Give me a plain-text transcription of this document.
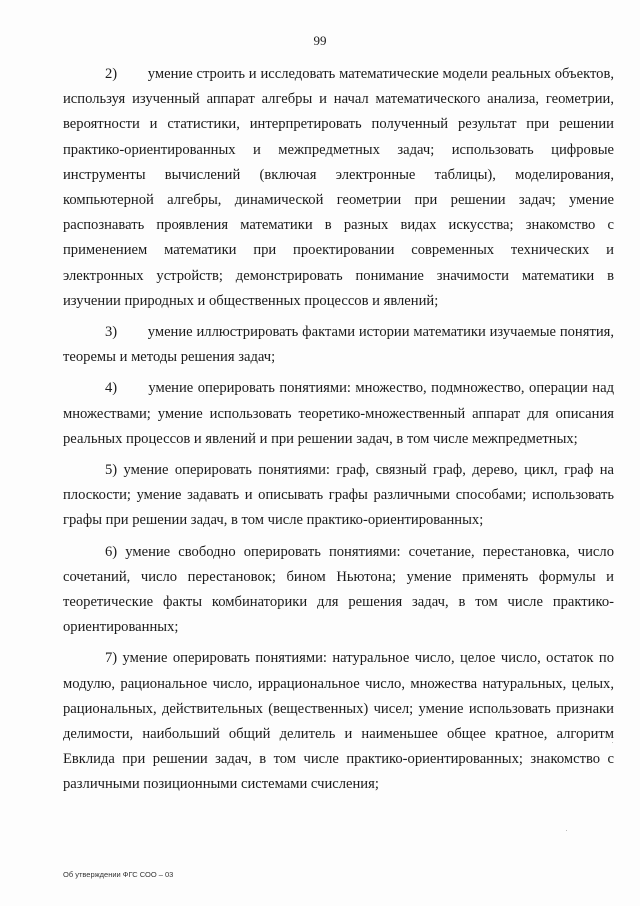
99

2)        умение строить и исследовать математические модели реальных объектов, используя изученный аппарат алгебры и начал математического анализа, геометрии, вероятности и статистики, интерпретировать полученный результат при решении практико-ориентированных и межпредметных задач; использовать цифровые инструменты вычислений (включая электронные таблицы), моделирования, компьютерной алгебры, динамической геометрии при решении задач; умение распознавать проявления математики в разных видах искусства; знакомство с применением математики при проектировании современных технических и электронных устройств; демонстрировать понимание значимости математики в изучении природных и общественных процессов и явлений;

3)        умение иллюстрировать фактами истории математики изучаемые понятия, теоремы и методы решения задач;

4)       умение оперировать понятиями: множество, подмножество, операции над множествами; умение использовать теоретико-множественный аппарат для описания реальных процессов и явлений и при решении задач, в том числе межпредметных;

5) умение оперировать понятиями: граф, связный граф, дерево, цикл, граф на плоскости; умение задавать и описывать графы различными способами; использовать графы при решении задач, в том числе практико-ориентированных;

6) умение свободно оперировать понятиями: сочетание, перестановка, число сочетаний, число перестановок; бином Ньютона; умение применять формулы и теоретические факты комбинаторики для решения задач, в том числе практико-ориентированных;

7) умение оперировать понятиями: натуральное число, целое число, остаток по модулю, рациональное число, иррациональное число, множества натуральных, целых, рациональных, действительных (вещественных) чисел; умение использовать признаки делимости, наибольший общий делитель и наименьшее общее кратное, алгоритм Евклида при решении задач, в том числе практико-ориентированных; знакомство с различными позиционными системами счисления;

Об утверждении ФГС СОО – 03
